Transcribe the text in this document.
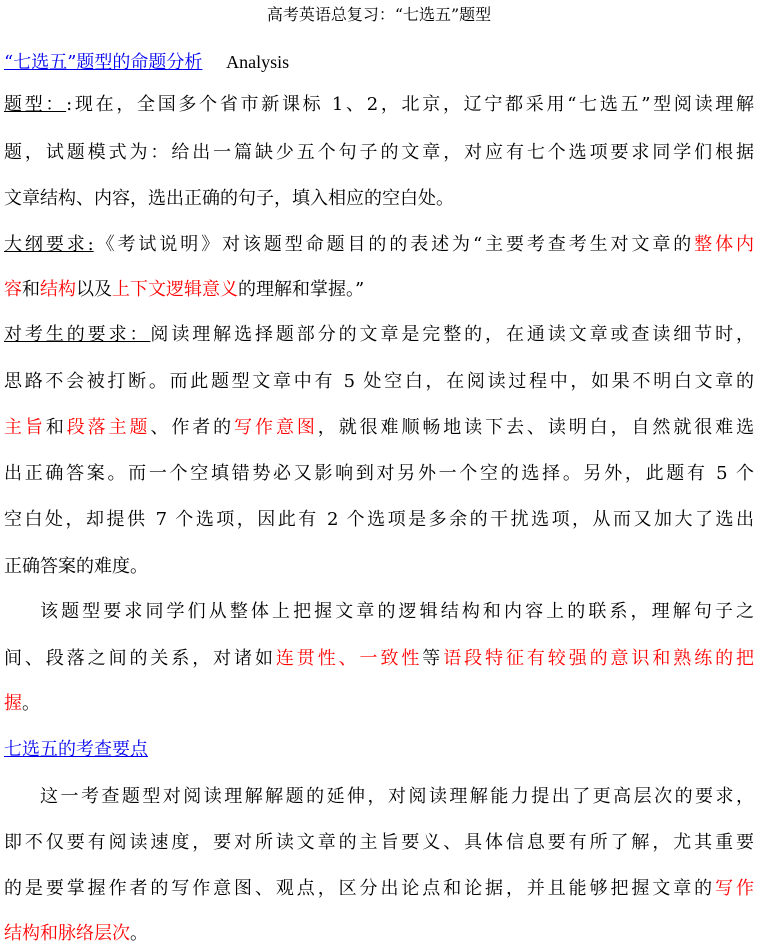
高考英语总复习：“七选五”题型
“七选五”题型的命题分析 Analysis
题型：:现在，全国多个省市新课标 1、2，北京，辽宁都采用“七选五”型阅读理解
题，试题模式为：给出一篇缺少五个句子的文章，对应有七个选项要求同学们根据
文章结构、内容，选出正确的句子，填入相应的空白处。
大纲要求:《考试说明》对该题型命题目的的表述为“主要考查考生对文章的整体内
容和结构以及上下文逻辑意义的理解和掌握。”
对考生的要求：阅读理解选择题部分的文章是完整的，在通读文章或查读细节时，
思路不会被打断。而此题型文章中有 5 处空白，在阅读过程中，如果不明白文章的
主旨和段落主题、作者的写作意图，就很难顺畅地读下去、读明白，自然就很难选
出正确答案。而一个空填错势必又影响到对另外一个空的选择。另外，此题有 5 个
空白处，却提供 7 个选项，因此有 2 个选项是多余的干扰选项，从而又加大了选出
正确答案的难度。
该题型要求同学们从整体上把握文章的逻辑结构和内容上的联系，理解句子之
间、段落之间的关系，对诸如连贯性、一致性等语段特征有较强的意识和熟练的把
握。
七选五的考查要点
这一考查题型对阅读理解解题的延伸，对阅读理解能力提出了更高层次的要求，
即不仅要有阅读速度，要对所读文章的主旨要义、具体信息要有所了解，尤其重要
的是要掌握作者的写作意图、观点，区分出论点和论据，并且能够把握文章的写作
结构和脉络层次。
